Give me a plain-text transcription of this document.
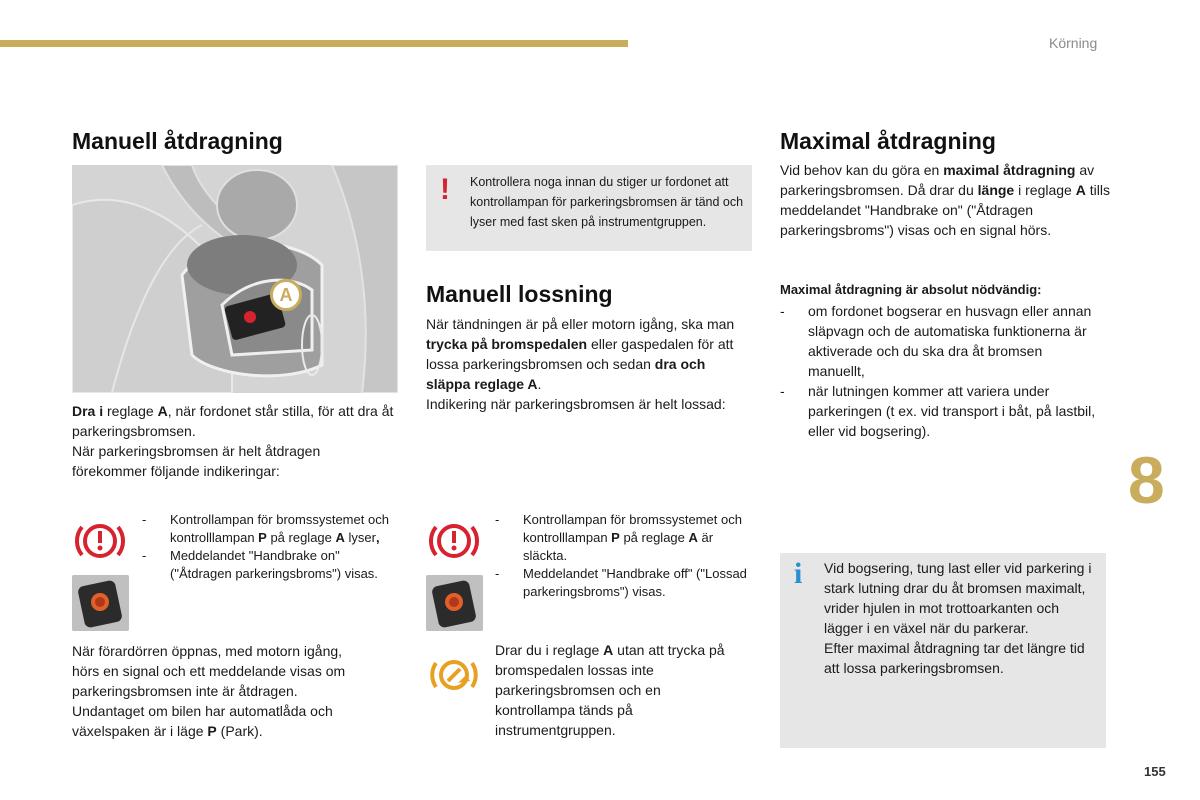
Körning
Manuell åtdragning
A
Dra i reglage A, när fordonet står stilla, för att dra åt parkeringsbromsen.
När parkeringsbromsen är helt åtdragen förekommer följande indikeringar:
- Kontrollampan för bromssystemet och kontrolllampan P på reglage A lyser,
- Meddelandet "Handbrake on" ("Åtdragen parkeringsbroms") visas.
När förardörren öppnas, med motorn igång, hörs en signal och ett meddelande visas om parkeringsbromsen inte är åtdragen. Undantaget om bilen har automatlåda och växelspaken är i läge P (Park).
! Kontrollera noga innan du stiger ur fordonet att kontrollampan för parkeringsbromsen är tänd och lyser med fast sken på instrumentgruppen.
Manuell lossning
När tändningen är på eller motorn igång, ska man trycka på bromspedalen eller gaspedalen för att lossa parkeringsbromsen och sedan dra och släppa reglage A.
Indikering när parkeringsbromsen är helt lossad:
- Kontrollampan för bromssystemet och kontrolllampan P på reglage A är släckta.
- Meddelandet "Handbrake off" ("Lossad parkeringsbroms") visas.
Drar du i reglage A utan att trycka på bromspedalen lossas inte parkeringsbromsen och en kontrollampa tänds på instrumentgruppen.
Maximal åtdragning
Vid behov kan du göra en maximal åtdragning av parkeringsbromsen. Då drar du länge i reglage A tills meddelandet "Handbrake on" ("Åtdragen parkeringsbroms") visas och en signal hörs.
Maximal åtdragning är absolut nödvändig:
- om fordonet bogserar en husvagn eller annan släpvagn och de automatiska funktionerna är aktiverade och du ska dra åt bromsen manuellt,
- när lutningen kommer att variera under parkeringen (t ex. vid transport i båt, på lastbil, eller vid bogsering).
8
i Vid bogsering, tung last eller vid parkering i stark lutning drar du åt bromsen maximalt, vrider hjulen in mot trottoarkanten och lägger i en växel när du parkerar.
Efter maximal åtdragning tar det längre tid att lossa parkeringsbromsen.
155
